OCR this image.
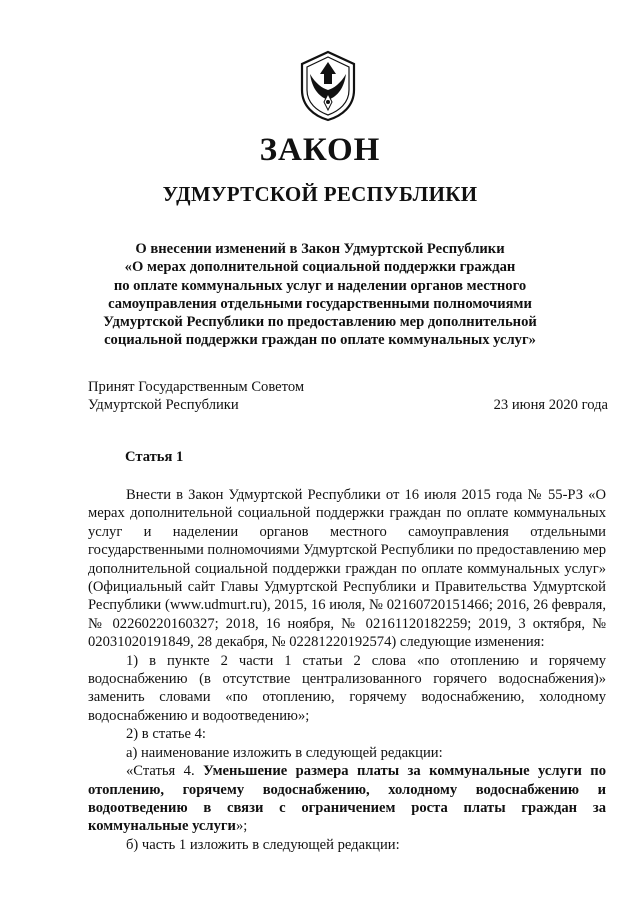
ЗАКОН
УДМУРТСКОЙ РЕСПУБЛИКИ
О внесении изменений в Закон Удмуртской Республики
«О мерах дополнительной социальной поддержки граждан
по оплате коммунальных услуг и наделении органов местного
самоуправления отдельными государственными полномочиями
Удмуртской Республики по предоставлению мер дополнительной
социальной поддержки граждан по оплате коммунальных услуг»
Принят Государственным Советом
Удмуртской Республики	23 июня 2020 года
Статья 1

Внести в Закон Удмуртской Республики от 16 июля 2015 года № 55-РЗ «О мерах дополнительной социальной поддержки граждан по оплате коммунальных услуг и наделении органов местного самоуправления отдельными государственными полномочиями Удмуртской Республики по предоставлению мер дополнительной социальной поддержки граждан по оплате коммунальных услуг» (Официальный сайт Главы Удмуртской Республики и Правительства Удмуртской Республики (www.udmurt.ru), 2015, 16 июля, № 02160720151466; 2016, 26 февраля, № 02260220160327; 2018, 16 ноября, № 02161120182259; 2019, 3 октября, № 02031020191849, 28 декабря, № 02281220192574) следующие изменения:

1) в пункте 2 части 1 статьи 2 слова «по отоплению и горячему водоснабжению (в отсутствие централизованного горячего водоснабжения)» заменить словами «по отоплению, горячему водоснабжению, холодному водоснабжению и водоотведению»;

2) в статье 4:

а) наименование изложить в следующей редакции:

«Статья 4. Уменьшение размера платы за коммунальные услуги по отоплению, горячему водоснабжению, холодному водоснабжению и водоотведению в связи с ограничением роста платы граждан за коммунальные услуги»;

б) часть 1 изложить в следующей редакции:
